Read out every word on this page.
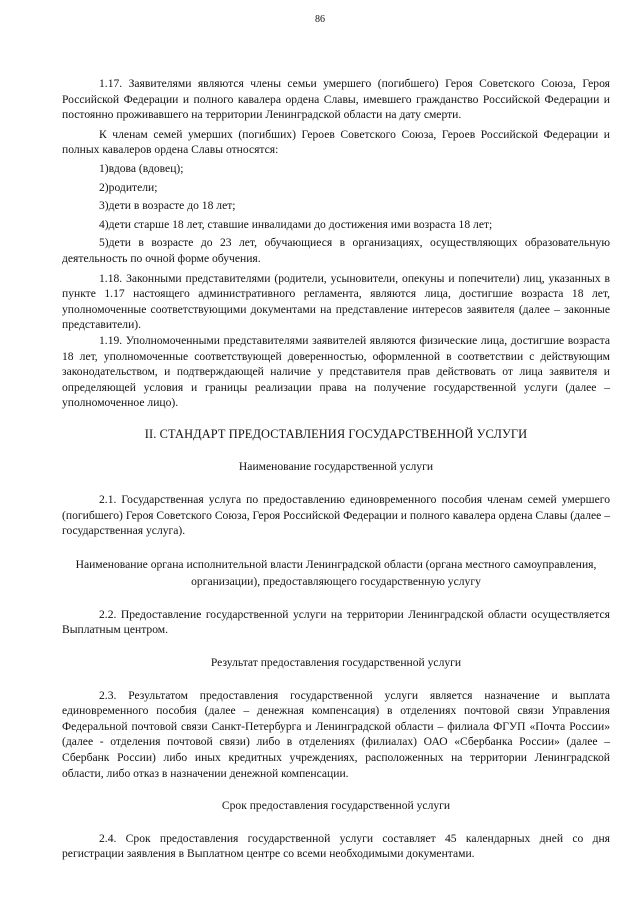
86

1.17. Заявителями являются члены семьи умершего (погибшего) Героя Советского Союза, Героя Российской Федерации и полного кавалера ордена Славы, имевшего гражданство Российской Федерации и постоянно проживавшего на территории Ленинградской области на дату смерти.

К членам семей умерших (погибших) Героев Советского Союза, Героев Российской Федерации и полных кавалеров ордена Славы относятся:

1)вдова (вдовец);

2)родители;

3)дети в возрасте до 18 лет;

4)дети старше 18 лет, ставшие инвалидами до достижения ими возраста 18 лет;

5)дети в возрасте до 23 лет, обучающиеся в организациях, осуществляющих образовательную деятельность по очной форме обучения.

1.18. Законными представителями (родители, усыновители, опекуны и попечители) лиц, указанных в пункте 1.17 настоящего административного регламента, являются лица, достигшие возраста 18 лет, уполномоченные соответствующими документами на представление интересов заявителя (далее – законные представители).

1.19. Уполномоченными представителями заявителей являются физические лица, достигшие возраста 18 лет, уполномоченные соответствующей доверенностью, оформленной в соответствии с действующим законодательством, и подтверждающей наличие у представителя прав действовать от лица заявителя и определяющей условия и границы реализации права на получение государственной услуги (далее – уполномоченное лицо).

II. СТАНДАРТ ПРЕДОСТАВЛЕНИЯ ГОСУДАРСТВЕННОЙ УСЛУГИ

Наименование государственной услуги

2.1. Государственная услуга по предоставлению единовременного пособия членам семей умершего (погибшего) Героя Советского Союза, Героя Российской Федерации и полного кавалера ордена Славы (далее – государственная услуга).

Наименование органа исполнительной власти Ленинградской области (органа местного самоуправления, организации), предоставляющего государственную услугу

2.2. Предоставление государственной услуги на территории Ленинградской области осуществляется Выплатным центром.

Результат предоставления государственной услуги

2.3. Результатом предоставления государственной услуги является назначение и выплата единовременного пособия (далее – денежная компенсация) в отделениях почтовой связи Управления Федеральной почтовой связи Санкт-Петербурга и Ленинградской области – филиала ФГУП «Почта России» (далее - отделения почтовой связи) либо в отделениях (филиалах) ОАО «Сбербанка России» (далее – Сбербанк России) либо иных кредитных учреждениях, расположенных на территории Ленинградской области, либо отказ в назначении денежной компенсации.

Срок предоставления государственной услуги

2.4. Срок предоставления государственной услуги составляет 45 календарных дней со дня регистрации заявления в Выплатном центре со всеми необходимыми документами.
